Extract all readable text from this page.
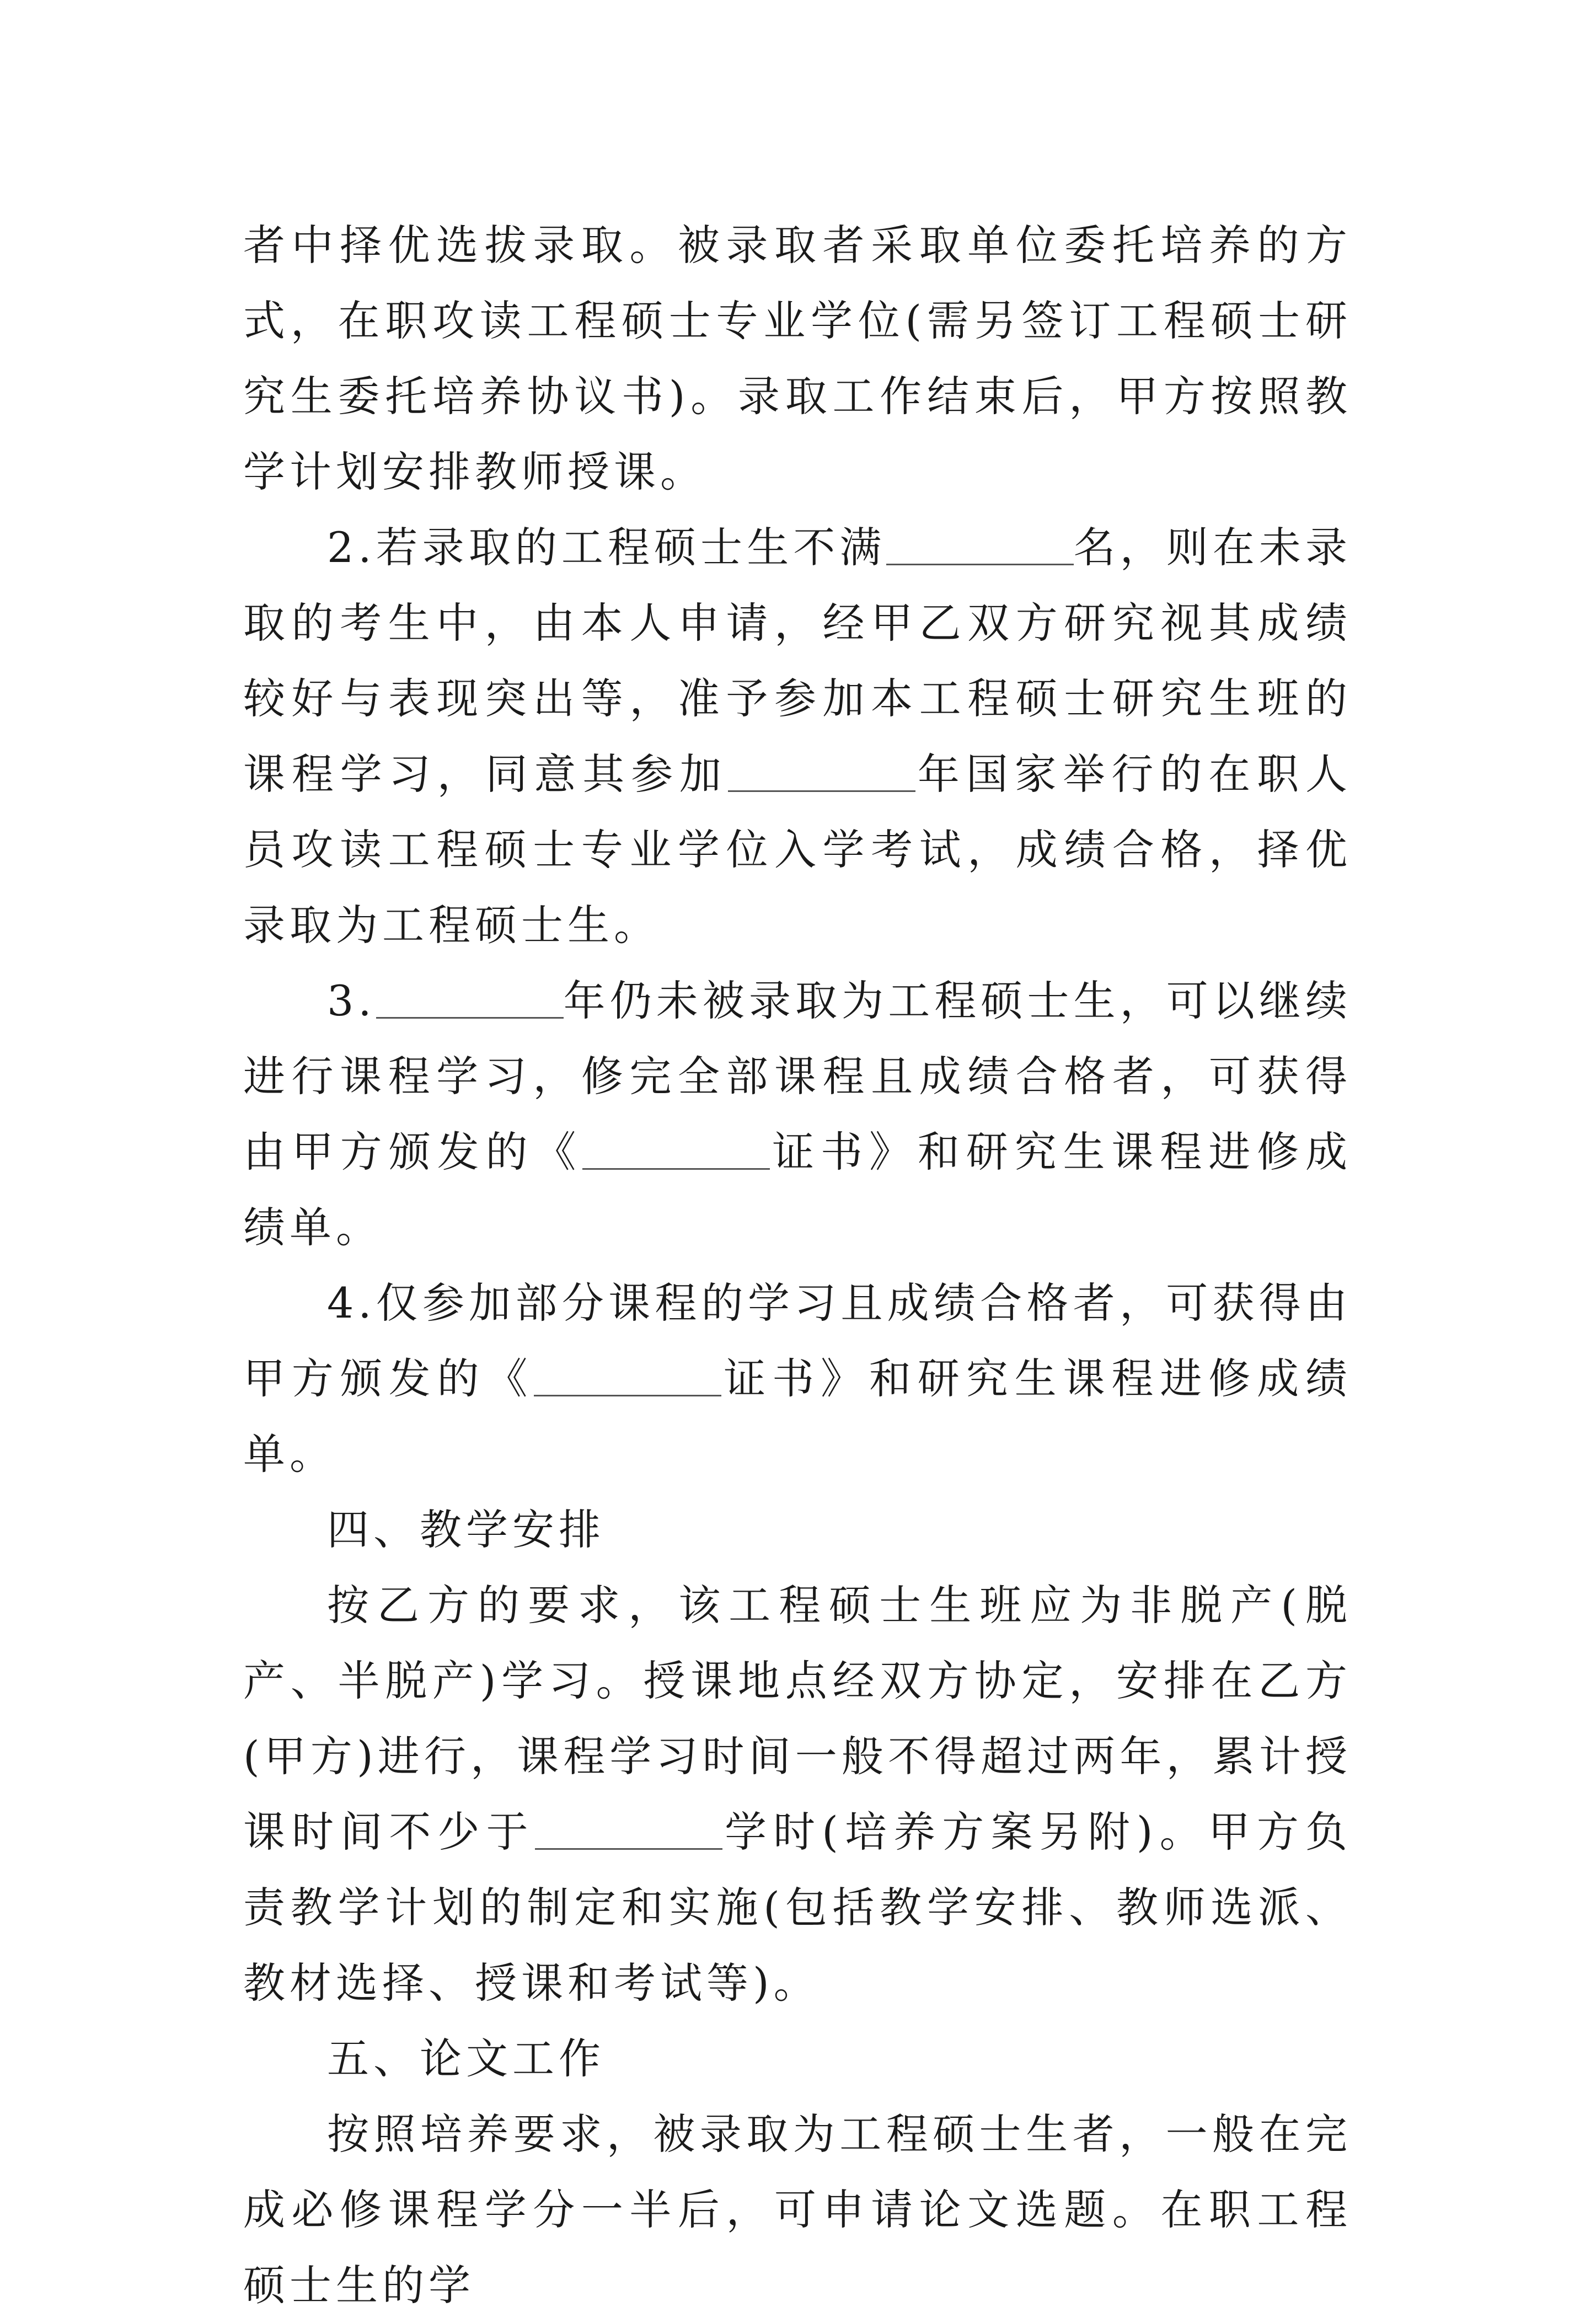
者中择优选拔录取。被录取者采取单位委托培养的方式，在职攻读工程硕士专业学位(需另签订工程硕士研究生委托培养协议书)。录取工作结束后，甲方按照教学计划安排教师授课。

2.若录取的工程硕士生不满	名，则在未录取的考生中，由本人申请，经甲乙双方研究视其成绩较好与表现突出等，准予参加本工程硕士研究生班的课程学习，同意其参加	年国家举行的在职人员攻读工程硕士专业学位入学考试，成绩合格，择优录取为工程硕士生。

3.	年仍未被录取为工程硕士生，可以继续进行课程学习，修完全部课程且成绩合格者，可获得由甲方颁发的《	证书》和研究生课程进修成绩单。

4.仅参加部分课程的学习且成绩合格者，可获得由甲方颁发的《	证书》和研究生课程进修成绩单。

四、教学安排

按乙方的要求，该工程硕士生班应为非脱产(脱产、半脱产)学习。授课地点经双方协定，安排在乙方(甲方)进行，课程学习时间一般不得超过两年，累计授课时间不少于	学时(培养方案另附)。甲方负责教学计划的制定和实施(包括教学安排、教师选派、教材选择、授课和考试等)。

五、论文工作

按照培养要求，被录取为工程硕士生者，一般在完成必修课程学分一半后，可申请论文选题。在职工程硕士生的学
